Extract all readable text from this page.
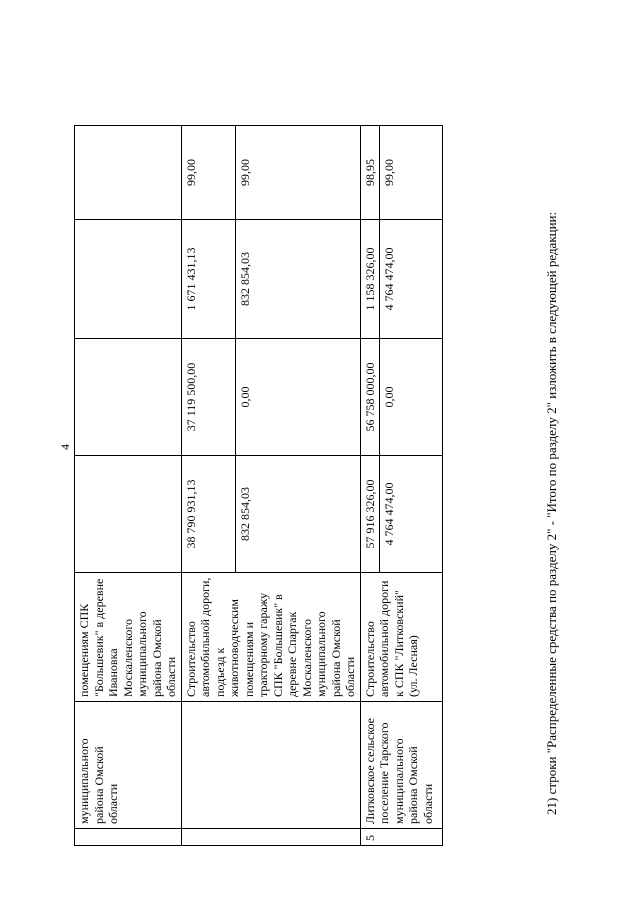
4
	муниципального района Омской области	помещениям СПК "Большевик" в деревне Ивановка Москаленского муниципального района Омской области				
		Строительство автомобильной дороги, подъезд к животноводческим помещениям и тракторному гаражу СПК "Большевик" в деревне Спартак Москаленского муниципального района Омской области	38 790 931,13	37 119 500,00	1 671 431,13	99,00
			832 854,03	0,00	832 854,03	99,00
5	Литковское сельское поселение Тарского муниципального района Омской области	Строительство автомобильной дороги к СПК "Литковский" (ул. Лесная)	57 916 326,00	56 758 000,00	1 158 326,00	98,95
			4 764 474,00	0,00	4 764 474,00	99,00
21) строки "Распределенные средства по разделу 2" - "Итого по разделу 2" изложить в следующей редакции:
